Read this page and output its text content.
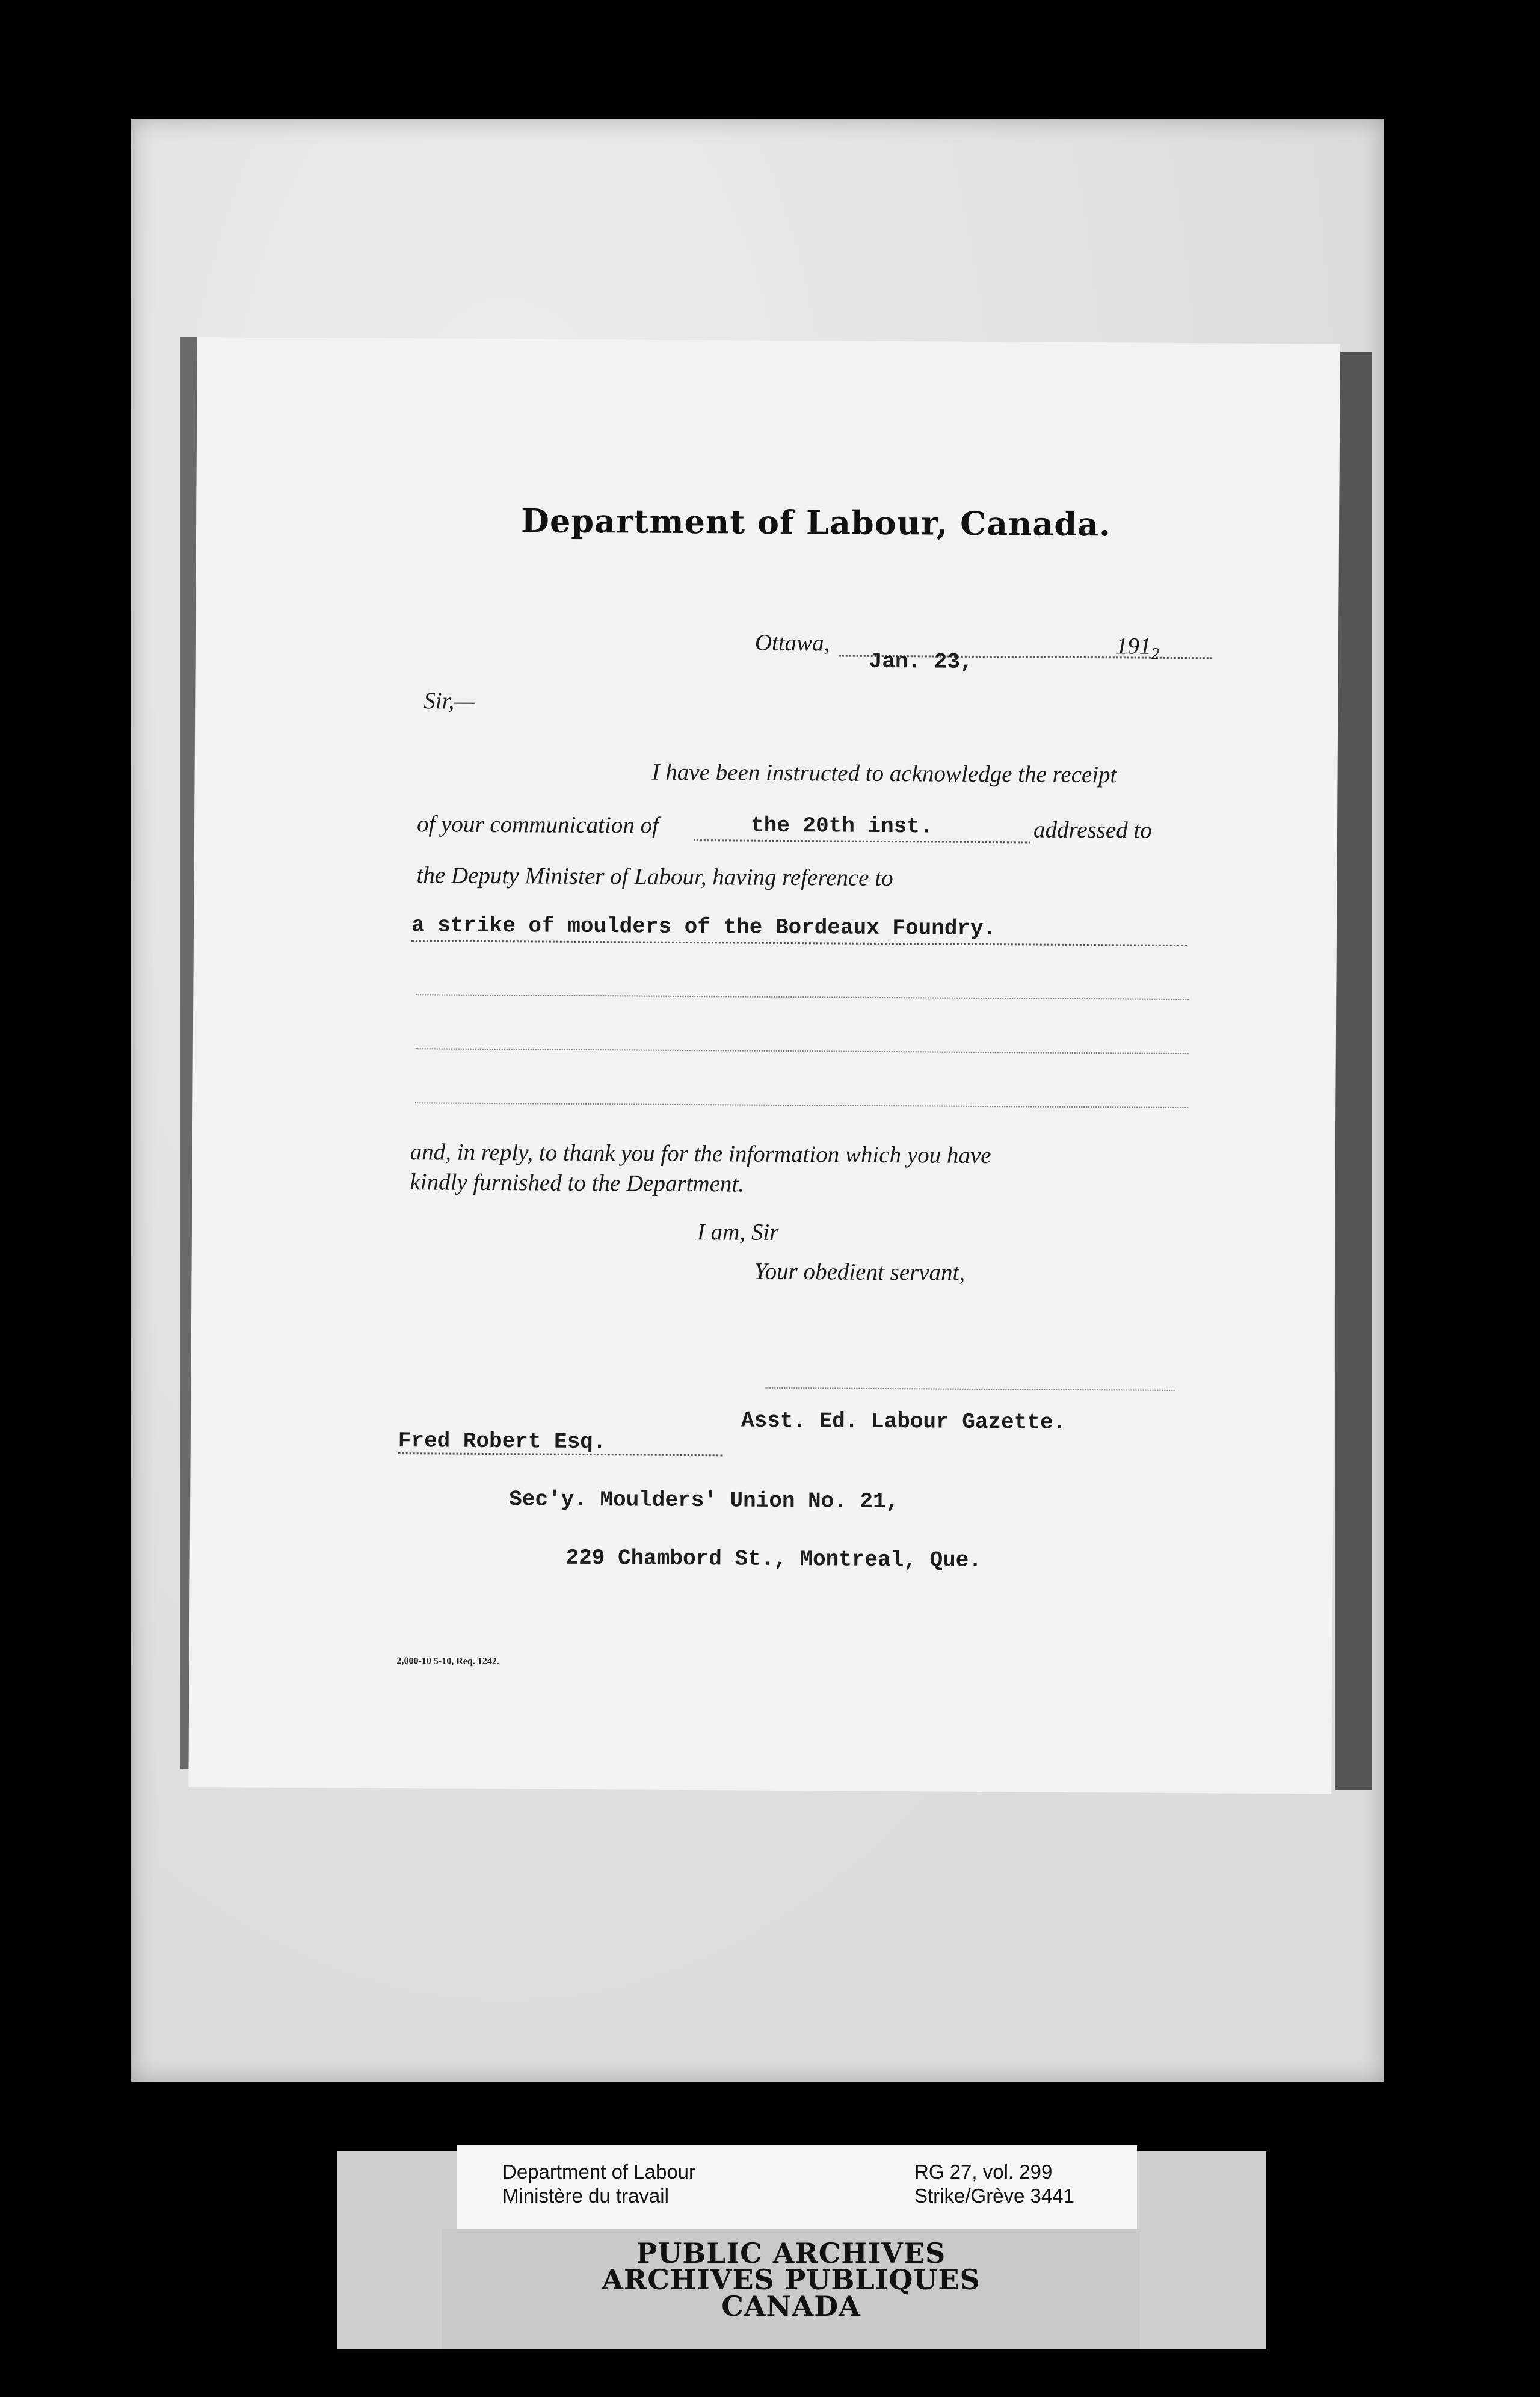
Department of Labour, Canada.
Ottawa,
Jan. 23,
$191_2$
Sir,—
I have been instructed to acknowledge the receipt
of your communication of	the 20th inst.	addressed to
the Deputy Minister of Labour, having reference to
a strike of moulders of the Bordeaux Foundry.
and, in reply, to thank you for the information which you have
kindly furnished to the Department.
I am, Sir
Your obedient servant,
Asst. Ed. Labour Gazette.
Fred Robert Esq.
Sec'y. Moulders' Union No. 21,
229 Chambord St., Montreal, Que.
2,000-10 5-10, Req. 1242.
Department of Labour
Ministère du travail
RG 27, vol. 299
Strike/Grève 3441
PUBLIC ARCHIVES
ARCHIVES PUBLIQUES
CANADA
